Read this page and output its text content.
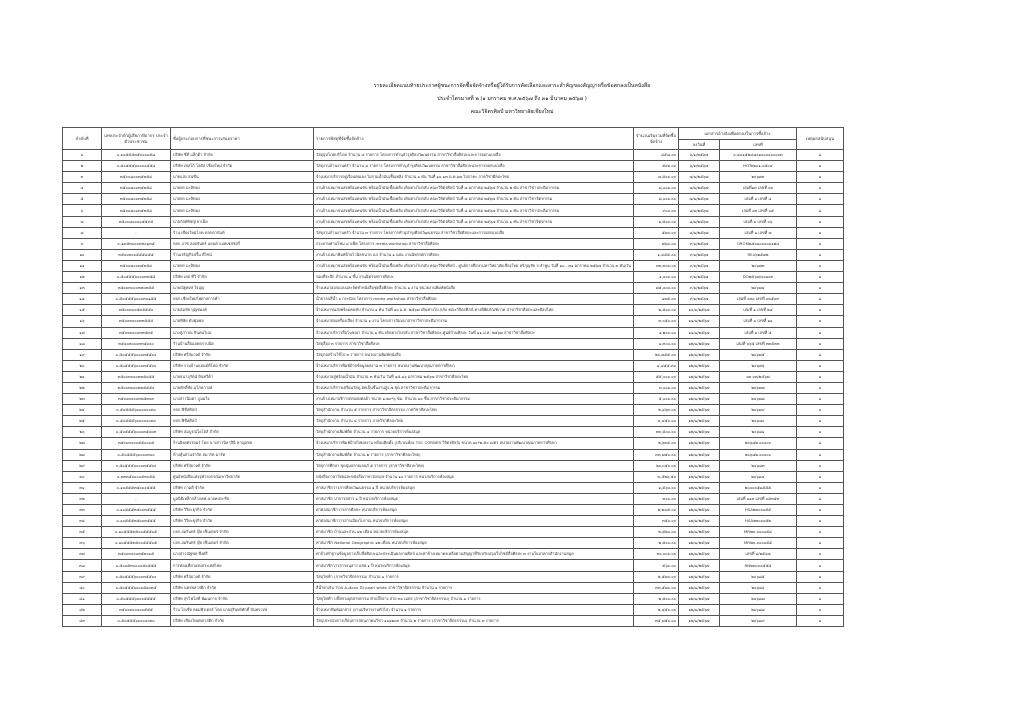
รายละเอียดแนบท้ายประกาศผู้ชนะการจัดซื้อจัดจ้างหรือผู้ได้รับการคัดเลือกและสาระสำคัญของสัญญาหรือข้อตกลงเป็นหนังสือ
ประจำไตรมาสที่ ๒ (๑ มกราคม พ.ศ.๒๕๖๗ ถึง ๓๑ มีนาคม ๒๕๖๗ )
คณะวิจิตรศิลป์ มหาวิทยาลัยเชียงใหม่
ลำดับที่	เลขประจำตัวผู้เสียภาษีอากร ประจำตัวประชาชน	ชื่อผู้ประกอบการที่ชนะการเสนอราคา	รายการพัสดุที่จัดซื้อจัดจ้าง	จำนวนเงินรวมที่จัดซื้อจัดจ้าง	เอกสารอ้างอิงเพื่อตกลงในการซื้อจ้าง		เหตุผลสนับสนุน
					ลงวันที่	เลขที่	
๑	๐-๑๐๕๕๕๓๕๐๐๐๐๕๘	บริษัท ซีดี แล็กต้า จำกัด	วัสดุอุปโภคบริโภค จำนวน ๔ รายการ โครงการทำนุบำรุงศิลปวัฒนธรรม สาขาวิชาสื่อศิลปะและการออกแบบสื่อ	๔๕๘.๐๐	๖/๑/๒๕๖๗	๐-๔๐๑๕๒๔๘๐๑๐๐๐๐๐๐๐๐๓	๑
๒	๐-๕๐๕๕๕๖๐๐๐๐๕๕๔	บริษัท เทสโก้ โลตัส เชียงใหม่ จำกัด	วัสดุงานบ้านงานครัว จำนวน ๔ รายการ โครงการทำนุบำรุงศิลปวัฒนธรรม สาขาวิชาสื่อศิลปะและการออกแบบสื่อ	๕๐๒.๐๐	๖/๑/๒๕๖๗	HOTe๒๐๑-๐๕๐๔	๑
๓	๓๕๐๐๘๐๐๓๕๓๕๔	นายแสง สนชีน	จ้างเหมาบริการอยู่เรือนตนเอง ไม่รวมน้ำมันเชื้อเพลิง จำนวน ๑ คัน วันที่ ๑๐-๑๓ ม.ค.๖๗ ไปภาคะ ภาควิชาศิลปะไทย	๗,๕๐๐.๐๐	๗/๑/๒๕๖๗	๒๐๖๗๓	๑
๔	๓๕๐๐๘๐๐๓๕๓๕๔	นายพร มะลิทอง	งานจ้างเหมาขนส่งพร้อมคนขับ พร้อมน้ำมันเชื้อเพลิง เดินทางไปกลับ คณะวิจิตรศิลป์ วันที่ ๗ มกราคม ๒๕๖๗ จำนวน ๒ คัน สาขาวิชาประติมากรรม	๘,๐๐๐.๐๐	๗/๑/๒๕๖๗	เล่มที่๑๓ เลขที่ ๐๓	๑
๕	๓๕๐๐๘๐๐๓๕๓๕๔	นายพร มะลิทอง	งานจ้างเหมาขนส่งพร้อมคนขับ พร้อมน้ำมันเชื้อเพลิง เดินทางไปกลับ คณะวิจิตรศิลป์ วันที่ ๗ มกราคม ๒๕๖๗ จำนวน ๒ คัน สาขาวิชาจิตรกรรม	๘,๐๐๐.๐๐	๗/๑/๒๕๖๗	เล่มที่ ๑ เลขที่ ๔	๑
๖	๓๕๐๐๘๐๐๓๕๓๕๔	นายพร มะลิทอง	งานจ้างเหมาขนส่งพร้อมคนขับ พร้อมน้ำมันเชื้อเพลิง เดินทางไปกลับ คณะวิจิตรศิลป์ วันที่ ๘ มกราคม ๒๕๖๗ จำนวน ๑ คัน สาขาวิชาประติมากรรม	๙๐๐.๐๐	๘/๑/๒๕๖๗	เล่มที่ ๐๓ เลขที่ ๐๕	๑
๗	๓๕๐๐๘๐๐๐๐๕๕๙๕	นายกัลย์พิชญ์ ยาเม็ด	งานจ้างเหมาขนส่งพร้อมคนขับ พร้อมน้ำมันเชื้อเพลิง เดินทางไปกลับ คณะวิจิตรศิลป์ วันที่ ๘ มกราคม ๒๕๖๗ จำนวน ๑ คัน สาขาวิชาจิตรกรรม	๑,๕๐๐.๐๐	๘/๑/๒๕๖๗	เล่มที่ ๑ เลขที่ ๐๖	๑
๘	-	ร้าน เชียงใหม่โภค ดลกดาบันท์	วัสดุงานบ้านงานครัว จำนวน ๓ รายการ โครงการทำนุบำรุงศิลปวัฒนธรรม สาขาวิชาสื่อศิลปะและการออกแบบสื่อ	๕๗๐.๐๐	๘/๑/๒๕๖๗	เล่มที่ ๑ เลขที่ ๗	๑
๙	๐-๑๓๕๓๐๐๐๓๓๐๑๓๕	หจก.บาซ ลอยจันทร์ แอนด์ แอคเซสซอรี่	กระดาษพานโฟม ๔ แพ็ค โครงการ media workshop สาขาวิชาสื่อศิลปะ	๗๖๔.๐๐	๙/๑/๒๕๖๗	OROM๒๕๐๑๐๐๐๐๐๑๒๔	๑
๑๐	๓๕๐๐๓๐๐๕๕๕๔๕๕	ร้านเจริญกิจปริ้น ดีไซน์	งานจ้างเหมาพิมพ์ป้ายไวนิลขนาด A4 จำนวน ๑ แผ่น งานนิทรรศการศิลปะ	๑,๔๕๕.๐๐	๙/๑/๒๕๖๗	RE๐๖๒๕๗๒	๑
๑๑	๓๕๐๐๘๐๐๓๕๓๕๔	นายพร มะลิทอง	งานจ้างเหมาขนส่งพร้อมคนขับ พร้อมน้ำมันเชื้อเพลิง เดินทางไปกลับ คณะวิจิตรศิลป์ - ศูนย์การศึกษามหาวิทยาลัยเชียงใหม่ หริภุญชัย จ.ลำพูน วันที่ ๑๐ - ๓๑ มกราคม ๒๕๖๗ จำนวน ๓ คัน/วัน	๓๓,๓๐๐.๐๐	๙/๑/๒๕๖๗	๒๐๖๗๓	๑
๑๒	๐-๕๐๕๕๕๖๐๐๐๓๓๕๕	บริษัท เดย ทีวี จำกัด	ของที่ระลึก จำนวน ๑ ชิ้น งานนิทรรศการศิลปะ	๑,๐๐๐.๐๐	๙/๑/๒๕๖๗	DO๒๕๖๗/๐๐๑๐๓	๑
๑๓	๓๕๐๐๓๐๐๐๓๓๐๓๕๕	นายณัฐพงษ์ ใจบุญ	จ้างเหมาออกแบบและจัดทำหนังสือชุดสื่อศิลปะ จำนวน ๑ งาน หน่วยงานพิมพ์หนังสือ	๗๕,๐๐๐.๐๐	๙/๑/๒๕๖๗	๒๐๖๗๔	๑
๑๔	๐-๕๐๕๕๕๖๐๐๐๓๐๑๕๕	หจก.เชียงใหม่ไพศาลการค้า	น้ำยาลบสีน้ำ ๑ กระป๋อง โครงการ media workshop สาขาวิชาสื่อศิลปะ	๑๓๕.๐๐	๙/๑/๒๕๖๗	เล่มที่ ๐๓๐ เลขที่ ๐๓๕๐๓	๑
๑๕	๓๕๐๐๓๐๐๕๓๕๕๕๐	นายสมชัย บุญชมงค์	จ้างเหมาขนส่งพร้อมคนขับ จำนวน ๑ คัน วันที่ ๑๐ ม.ค. ๒๕๖๗ เดินทางไป-กลับ คณะวิจิตรศิลป์-ทางพิพิธภัณฑ์ภาค สาขาวิชาศิลปะและศิลปไทย	๒,๕๐๐.๐๐	๑๐/๑/๒๕๖๗	เล่มที่ ๑ เลขที่ ๒๔	๑
๑๖	๓๕๐๐๓๐๐๐๓๓๕๕๕	นายพิษัย ดับศุมพล	จ้างเหมาต่อเครื่องเสียง จำนวน ๑ งาน โครงการสัมมนาสาขาวิชาประติมากรรม	๓,๐๕๐.๐๐	๑๑/๑/๒๕๖๗	เล่มที่ ๑ เลขที่ ๑๑	๑
๑๗	๓๕๐๐๓๐๐๐๓๓๕๓๕	นางสุภาวณ ลินคนไบน	จ้างเหมาบริการสื่อโฆษณา จำนวน ๑ คัน เดินทางไปกลับ สาขาวิชาสื่อศิลปะ-ศูนย์บ้านศิลปะ วันที่ ๑๑ ม.ค. ๒๕๖๗ สาขาวิชาสื่อศิลปะ	๑,๒๐๐.๐๐	๑๑/๑/๒๕๖๗	เล่มที่ ๑ เลขที่ ๕	๑
๑๘	๓๕๐๐๓๐๐๐๓๓๕๐๐๐	ร้านบ้านสื่อแลดดราบนิต	วัสดุสื่อง ๓ รายการ สาขาวิชาสื่อศิลปะ	๑,๓๐๐.๐๐	๑๒/๑/๒๕๖๗	เล่มที่ ๖๖๕ เลขที่ ๓๓๕๓๓	๑
๑๙	๐-๕๐๕๕๕๖๐๐๐๓๕๕๐๐	บริษัท ศรีสมวงศ์ จำกัด	วัสดุก่อสร้างใช้ไป ๓ รายการ หน่วยงานพิมพ์หนังสือ	๒๐,๗๕๕.๐๐	๑๒/๑/๒๕๖๗	๒๐๖๗๕	๑
๒๐	๐-๕๐๕๕๕๖๐๐๐๓๕๕๐๐	บริษัท รวมบ้านแอนด์ดีโฮม์ จำกัด	จ้างเหมาบริการพิมพ์ป้ายข้อมูลผลงาน ๓ รายการ หน่วยงานพัฒนาคุณภาพการศึกษา	๔,๔๕๕.๓๐	๑๒/๑/๒๕๖๗	๒๐๖๗๖	๑
๒๑	๓๕๐๐๓๐๐๐๓๓๕๐๕๕	นายธนาภุรัตน์ ยินทวีค้า	จ้างเหมาอยู่พร้อมน้ำมัน จำนวน ๓ คัน/วัน วันที่ ๑๕-๑๖ มกราคม ๒๕๖๗ สาขาวิชาศิลปะไทย	๕๕,๐๐๐.๐๐	๑๒/๑/๒๕๖๗	๐๓.๐๓/๒๕๖๗	๑
๒๒	๓๕๐๐๓๐๐๐๓๓๕๕๕๐	นายศักดิ์ชัย มโภคาวงษ์	จ้างเหมาบริการเตรียมวัสดุ-อัดเป็นชิ้นงานสูง ๗ ชุด สาขาวิชาประติมากรรม	๓,๐๐๐.๐๐	๑๒/๑/๒๕๖๗	๒๐๖๗๗	๑
๒๓	๓๕๐๐๓๐๐๐๓๓๕๓๐๓	นางสาวนิมตา ภูมมใจ	งานจ้างเหมาบริการตกแต่งต่อผ้า ขนาด ๑.๒๐*๖ ซม. จำนวน ๑๐ ชิ้น สาขาวิชาประติมากรรม	๕,๐๐๐.๐๐	๑๒/๑/๒๕๖๗	๒๐๖๗๘	๑
๒๔	๐-๕๐๕๕๕๖๐๐๐๐๐๐๓๐	หจก.ฟิชีลศิลป์	วัสดุสำนักงาน จำนวน ๕ รายการ สาขาวิชาจิตรกรรม ภาควิชาศิลปะไทย	๒,๔๖๓.๐๐	๑๒/๑/๒๕๖๗	๒๐๖๗๙	๑
๒๕	๐-๕๐๕๕๕๖๐๐๐๐๐๐๓๐	หจก.ฟิชีลศิลป์	วัสดุสำนักงาน จำนวน ๔ รายการ ภาควิชาศิลปะไทย	๓,๔๕๐.๐๐	๑๒/๑/๒๕๖๗	๒๐๖๘๐	๑
๒๖	๐-๕๐๕๕๕๖๐๐๐๓๕๐๐๓	บริษัท สมบูรณ์โอโฮส์ จำกัด	วัสดุสำนักงานพิมพ์ดีด จำนวน ๔ รายการ หน่วยบริการห้องสมุด	๓๓,๕๐๐.๐๐	๑๒/๑/๒๕๖๗	๒๐๖๘๑	๑
๒๗	๓๕๐๐๓๐๐๐๕๕๐๐๐๕	ร้านอิงคศรร่อมร์ โดย นางสาวนิลาสินี หาญฤทธ	จ้างเหมาบริการพิมพ์ป้ายไฟผลงาน พร้อมติดตั้ง (บริเวณห้อง TSC CORNER วิจิตรศิลป์) ขนาด ๑๐*๒.๕๐ เมตร หน่วยงานพัฒนาคุณภาพการศึกษา	๒,๖๓๕.๐๐	๑๒/๑/๒๕๖๗	๒๐๖๘๒.๐๐๐๐๐	๑
๒๘	๐-๕๐๕๕๕๖๐๐๐๐๓๐๐	ห้างหุ้นส่วนจำกัด สมาร์ท มาร์ท	วัสดุสำนักงานพิมพ์ดีด จำนวน ๒ รายการ (สาขาวิชาศิลปะไทย)	๓๓,๗๕๐.๐๐	๑๒/๑/๒๕๖๗	๒๐๖๘๒.๐๐๐๐๐	๑
๒๙	๐-๕๐๕๕๕๖๐๐๐๓๕๕๐๐	บริษัท ศรีสมวงศ์ จำกัด	วัสดุการศึกษา ชุดปุ่มปลายเลนส์ ๕ รายการ (สาขาวิชาศิลปะไทย)	๒๐,๐๕๐.๐๐	๑๒/๑/๒๕๖๗	๒๐๖๘๓	๑
๓๐	๐-๓๓๓๕๐๐๐๐๕๓๐๕๕	ศูนย์หนังสือแห่งจุฬาลงกรณ์มหาวิทยาลัย	หนังสือภาษาไทยและหนังสือภาษาอังกฤษ จำนวน ๑๐ รายการ หน่วยบริการห้องสมุด	๓,๕๒๖.๕๐	๑๒/๑/๒๕๖๗	๒๐๖๘๔	๑
๓๑	๐-๑๐๕๕๕๓๕๐๐๐๕๕๕	บริษัท ภามดี จำกัด	ค่าสมาชิกวารสารศิลปวัฒนธรรม ๑ ปี หน่วยบริการห้องสมุด	๑,๕๖๐.๐๐	๑๒/๑/๒๕๖๗	๒๐๐๐๐๕๑๕๕๕	๑
๓๒	-	มูลนิธิเหล็กกล้าภคค-นายคประชิป	ค่าสมาชิก ปาจารยสาร ๑ ปี หน่วยบริการห้องสมุด	๓๐๐.๐๐	๑๒/๑/๒๕๖๗	เล่มที่ ๑๑๓ เลขที่ ๐๕๓๕๓	๑
๓๓	๐-๑๐๕๕๕๓๕๐๐๓๕๕๕	บริษัท วิริยะธุรกิจ จำกัด	ค่าต่อสมาชิกวารสารศิลปะ หน่วยบริการห้องสมุด	๒,๒๔๕.๐๐	๑๒/๑/๒๕๖๗	HSA๒๓๐๐๐๕๕	๑
๓๔	๐-๑๐๕๕๕๓๕๐๐๓๕๕๕	บริษัท วิริยะธุรกิจ จำกัด	ค่าต่อสมาชิกวารสารเมืองโบราณ หน่วยบริการห้องสมุด	๓๕๐.๐๐	๑๒/๑/๒๕๖๗	HSA๒๓๐๐๐๕๒	๑
๓๕	๐-๑๐๕๕๕๓๕๐๐๕๕๕๐๕	บจก.อมรินทร์ บุ๊ค เซ็นเตอร์ จำกัด	ค่าสมาชิก บ้านและสวน ๑๒ เดือน หน่วยบริการห้องสมุด	๒,๕๒๐.๐๐	๑๒/๑/๒๕๖๗	MR๒๓-๐๐๐๐๕๔	๑
๓๖	๐-๑๐๕๕๕๓๕๐๐๕๕๕๐๕	บจก.อมรินทร์ บุ๊ค เซ็นเตอร์ จำกัด	ค่าสมาชิก National Geographic ๑๒ เดือน หน่วยบริการห้องสมุด	๒,๕๐๐.๐๐	๑๒/๑/๒๕๖๗	MR๒๓-๐๐๐๐๕๕	๑
๓๗	๓๕๐๐๓๐๐๐๓๕๓๐๐๕	นางสาวณัฐพล ซีงศรี	ค่าจ้างทำฐานข้อมูลการเก็บสื่อศิลปะและประเมินผลงานศิลป์ และค่าจ้างเหมาคงเหลือตามสัญญาที่รับปรับปรุงเว็บไซต์สื่อศิลปะ ๓ งานในอาคารสำนักงานสมุด	๓๐,๐๐๐.๐๐	๑๒/๑/๒๕๖๗	เลขที่ ๑/๒๕๖๗	๑
๓๘	๐-๕๐๐๕๓๐๐๐๐๕๐๕๕๕	การท่องเที่ยวแห่งประเทศไทย	ค่าสมาชิกวารสารอนุสาร อสท.๑ ปี หน่วยบริการห้องสมุด	๕๖๐.๐๐	๑๒/๑/๒๕๖๗	RN๒๓๐๐๐๕๕๕	๑
๓๙	๐-๕๐๕๕๕๖๐๐๐๓๕๕๐๐	บริษัท ศรีสมวงศ์ จำกัด	วัสดุไฟฟ้า (ภาควิชาจิตรกรรม) จำนวน ๑ รายการ	๒,๕๗๐.๐๐	๑๒/๑/๒๕๖๗	๒๐๖๘๕	๑
๔๐	๐-๕๐๕๕๕๖๐๐๐๕๐๐๓๕	บริษัท นครพลาสติก จำกัด	สีน้ำทาเงิน TOA A-๕๐๐๐ ถัง pearl white สาขาวิชาจิตรกรรม จำนวน ๑ รายการ	๓๓,๕๗๐.๐๐	๑๒/๑/๒๕๖๗	๒๐๖๘๖	๑
๔๑	๐-๕๐๕๕๕๖๐๐๐๕๕๕๕	บริษัท สุรไฟโอที พัฒนกาจ จำกัด	วัสดุไฟฟ้า ปลั๊กพ่วงอุตสาหกรรม หัวปลั๊กยาง สาย ๓๐ เมตร (สาขาวิชาจิตรกรรม) จำนวน ๑ รายการ	๒,๕๐๐.๐๐	๑๒/๑/๒๕๖๗	๒๐๖๘๗	๑
๔๒	๓๕๐๐๓๐๐๐๐๐๕๕๕	ร้าน โอเชีย คอมพิวเตอร์ โดย นายสุรินทร์ศักดิ์ บันทรวงษ์	จ้างเหมาพิมพ์เอกสาร (งานบริหารงานทั่วไป) จำนวน ๑ รายการ	๒,๔๕๐.๐๐	๑๒/๑/๒๕๖๗	๒๐๖๘๘	๑
๔๓	๐-๕๐๕๕๕๖๐๐๐๐๐๓๐	บริษัท เชียงใหม่พลาสติก จำกัด	วัสดุประกอบการเรียนการสอนภาคนวิชา ๑๑๑๒๐๓ จำนวน ๒ รายการ (สาขาวิชาจิตรกรรม) จำนวน ๓ รายการ	๓๕,๗๕๐.๐๐	๑๒/๑/๒๕๖๗	๒๐๖๘๙	๑
